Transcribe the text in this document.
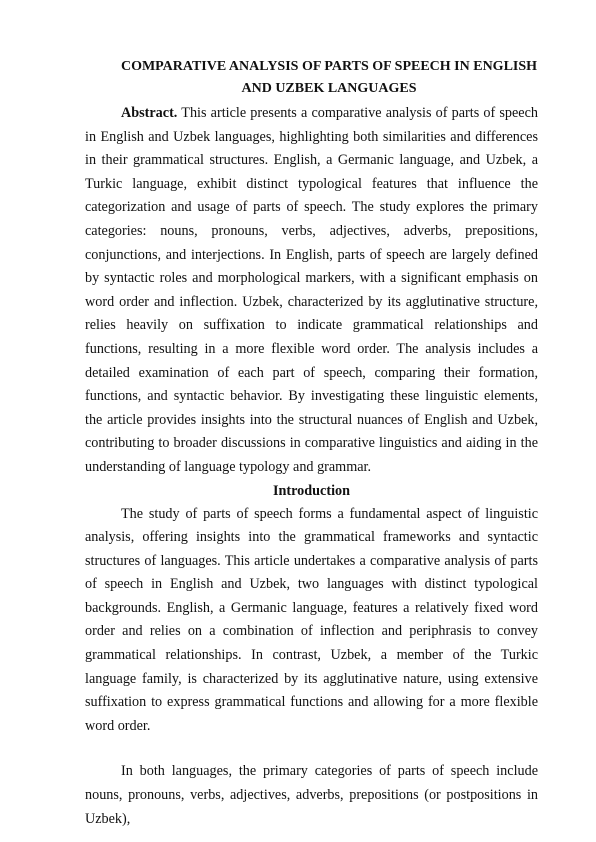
COMPARATIVE ANALYSIS OF PARTS OF SPEECH IN ENGLISH AND UZBEK LANGUAGES

Abstract. This article presents a comparative analysis of parts of speech in English and Uzbek languages, highlighting both similarities and differences in their grammatical structures. English, a Germanic language, and Uzbek, a Turkic language, exhibit distinct typological features that influence the categorization and usage of parts of speech. The study explores the primary categories: nouns, pronouns, verbs, adjectives, adverbs, prepositions, conjunctions, and interjections. In English, parts of speech are largely defined by syntactic roles and morphological markers, with a significant emphasis on word order and inflection. Uzbek, characterized by its agglutinative structure, relies heavily on suffixation to indicate grammatical relationships and functions, resulting in a more flexible word order. The analysis includes a detailed examination of each part of speech, comparing their formation, functions, and syntactic behavior. By investigating these linguistic elements, the article provides insights into the structural nuances of English and Uzbek, contributing to broader discussions in comparative linguistics and aiding in the understanding of language typology and grammar.

Introduction

The study of parts of speech forms a fundamental aspect of linguistic analysis, offering insights into the grammatical frameworks and syntactic structures of languages. This article undertakes a comparative analysis of parts of speech in English and Uzbek, two languages with distinct typological backgrounds. English, a Germanic language, features a relatively fixed word order and relies on a combination of inflection and periphrasis to convey grammatical relationships. In contrast, Uzbek, a member of the Turkic language family, is characterized by its agglutinative nature, using extensive suffixation to express grammatical functions and allowing for a more flexible word order.

In both languages, the primary categories of parts of speech include nouns, pronouns, verbs, adjectives, adverbs, prepositions (or postpositions in Uzbek),
